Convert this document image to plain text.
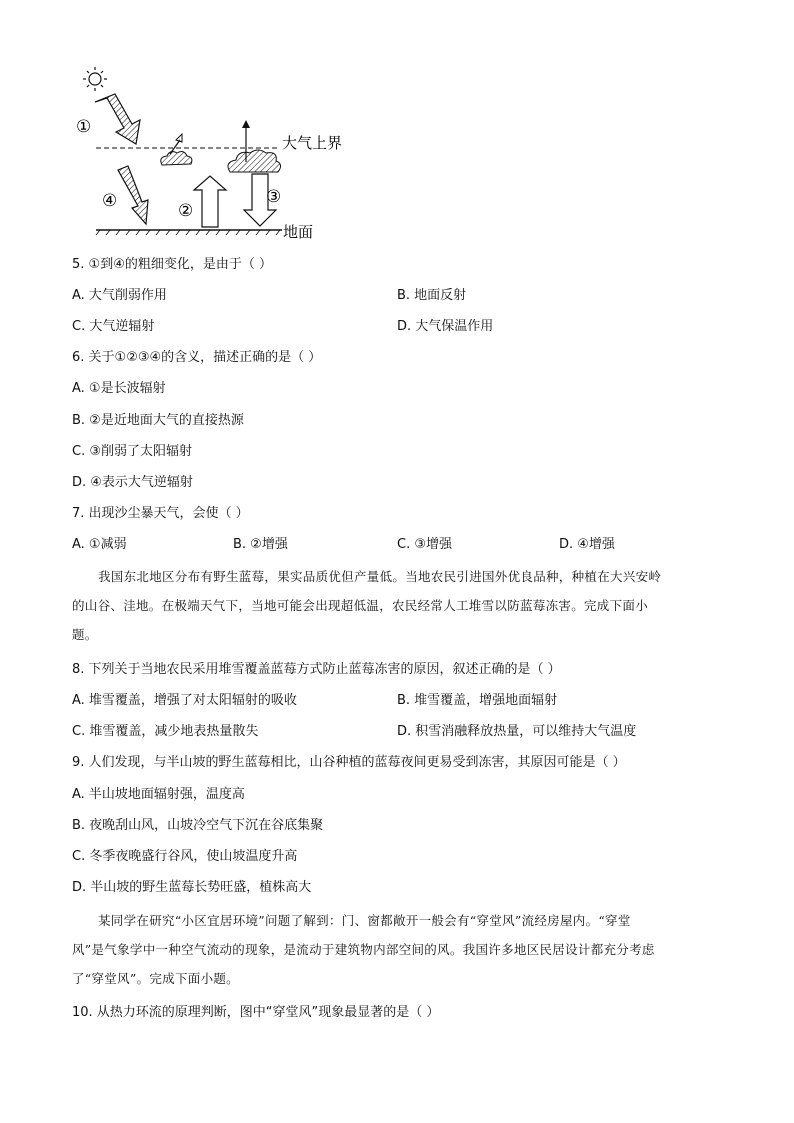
①
②
③
④
大气上界
地面
5. ①到④的粗细变化，是由于（ ）
A. 大气削弱作用	B. 地面反射
C. 大气逆辐射	D. 大气保温作用
6. 关于①②③④的含义，描述正确的是（ ）
A. ①是长波辐射
B. ②是近地面大气的直接热源
C. ③削弱了太阳辐射
D. ④表示大气逆辐射
7. 出现沙尘暴天气，会使（ ）
A. ①减弱	B. ②增强	C. ③增强	D. ④增强
我国东北地区分布有野生蓝莓，果实品质优但产量低。当地农民引进国外优良品种，种植在大兴安岭
的山谷、洼地。在极端天气下，当地可能会出现超低温，农民经常人工堆雪以防蓝莓冻害。完成下面小
题。
8. 下列关于当地农民采用堆雪覆盖蓝莓方式防止蓝莓冻害的原因，叙述正确的是（ ）
A. 堆雪覆盖，增强了对太阳辐射的吸收	B. 堆雪覆盖，增强地面辐射
C. 堆雪覆盖，减少地表热量散失	D. 积雪消融释放热量，可以维持大气温度
9. 人们发现，与半山坡的野生蓝莓相比，山谷种植的蓝莓夜间更易受到冻害，其原因可能是（ ）
A. 半山坡地面辐射强，温度高
B. 夜晚刮山风，山坡冷空气下沉在谷底集聚
C. 冬季夜晚盛行谷风，使山坡温度升高
D. 半山坡的野生蓝莓长势旺盛，植株高大
某同学在研究“小区宜居环境”问题了解到：门、窗都敞开一般会有“穿堂风”流经房屋内。“穿堂
风”是气象学中一种空气流动的现象，是流动于建筑物内部空间的风。我国许多地区民居设计都充分考虑
了“穿堂风”。完成下面小题。
10. 从热力环流的原理判断，图中“穿堂风”现象最显著的是（ ）
